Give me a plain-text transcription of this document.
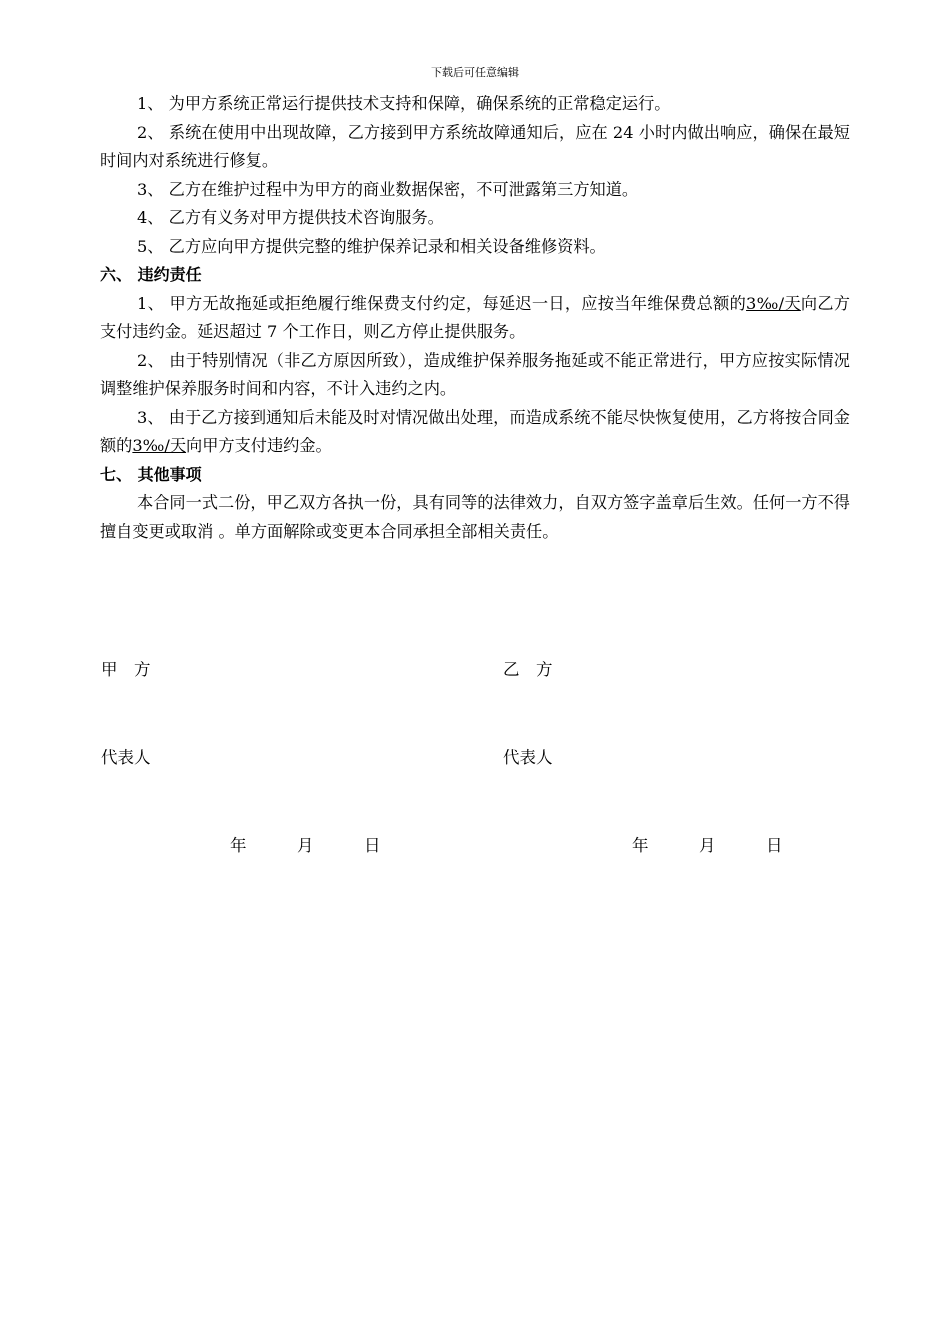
下载后可任意编辑

1、 为甲方系统正常运行提供技术支持和保障，确保系统的正常稳定运行。

2、 系统在使用中出现故障，乙方接到甲方系统故障通知后，应在 24 小时内做出响应，确保在最短时间内对系统进行修复。

3、 乙方在维护过程中为甲方的商业数据保密，不可泄露第三方知道。

4、 乙方有义务对甲方提供技术咨询服务。

5、 乙方应向甲方提供完整的维护保养记录和相关设备维修资料。

六、 违约责任

1、 甲方无故拖延或拒绝履行维保费支付约定，每延迟一日，应按当年维保费总额的3‰/天向乙方支付违约金。延迟超过 7 个工作日，则乙方停止提供服务。

2、 由于特别情况（非乙方原因所致），造成维护保养服务拖延或不能正常进行，甲方应按实际情况调整维护保养服务时间和内容，不计入违约之内。

3、 由于乙方接到通知后未能及时对情况做出处理，而造成系统不能尽快恢复使用，乙方将按合同金额的3‰/天向甲方支付违约金。

七、 其他事项

本合同一式二份，甲乙双方各执一份，具有同等的法律效力，自双方签字盖章后生效。任何一方不得擅自变更或取消 。单方面解除或变更本合同承担全部相关责任。

甲　方	乙　方
代表人	代表人
年	月	日	年	月	日
